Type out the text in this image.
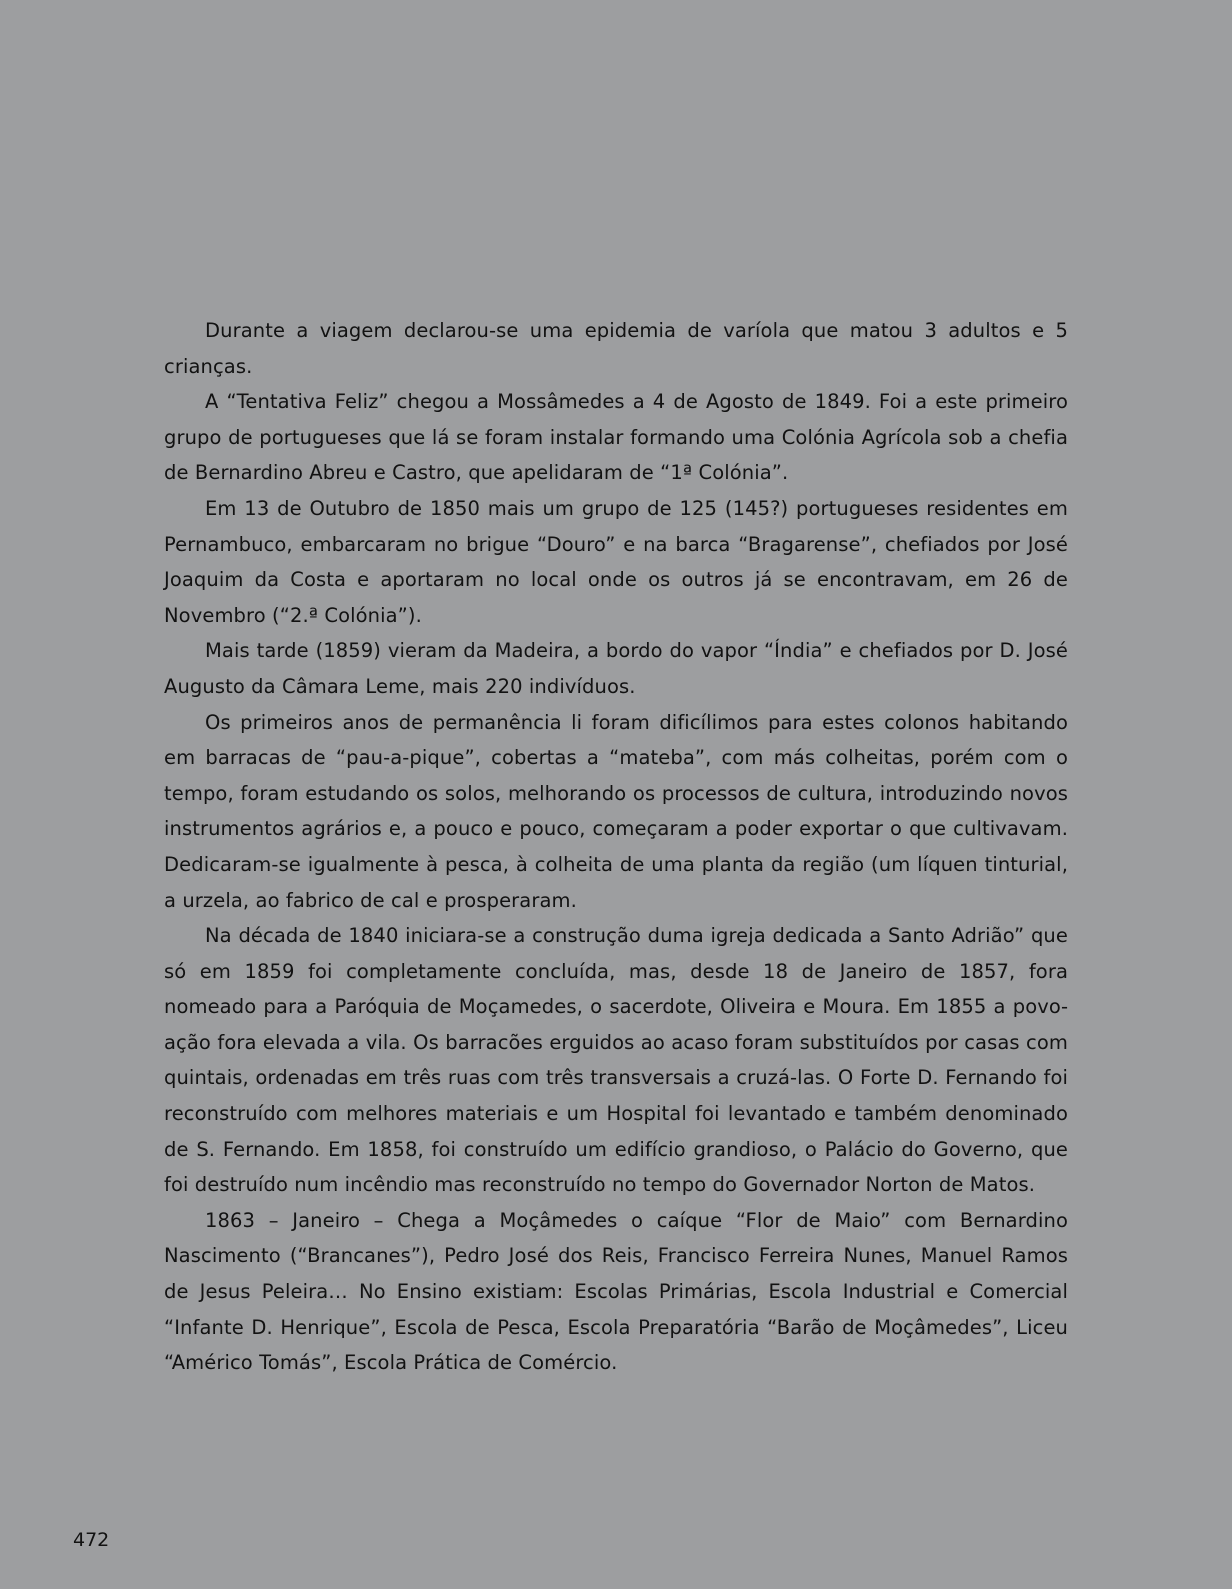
Durante a viagem declarou-se uma epidemia de varíola que matou 3 adultos e 5 crianças.

A “Tentativa Feliz” chegou a Mossâmedes a 4 de Agosto de 1849. Foi a este primeiro grupo de portugueses que lá se foram instalar formando uma Colónia Agrícola sob a chefia de Bernardino Abreu e Castro, que apelidaram de “1ª Colónia”.

Em 13 de Outubro de 1850 mais um grupo de 125 (145?) portugueses residentes em Pernambuco, embarcaram no brigue “Douro” e na barca “Bragarense”, chefiados por José Joaquim da Costa e aportaram no local onde os outros já se encontravam, em 26 de Novembro (“2.ª Colónia”).

Mais tarde (1859) vieram da Madeira, a bordo do vapor “Índia” e chefiados por D. José Augusto da Câmara Leme, mais 220 indivíduos.

Os primeiros anos de permanência li foram dificílimos para estes colonos habitando em barracas de “pau-a-pique”, cobertas a “mateba”, com más colheitas, porém com o tempo, foram estudando os solos, melhorando os processos de cultura, introduzindo novos instrumentos agrários e, a pouco e pouco, começaram a poder exportar o que cultivavam. Dedicaram-se igualmente à pesca, à colheita de uma planta da região (um líquen tinturial, a urzela, ao fabrico de cal e prosperaram.

Na década de 1840 iniciara-se a construção duma igreja dedicada a Santo Adrião” que só em 1859 foi completamente concluída, mas, desde 18 de Janeiro de 1857, fora nomeado para a Paróquia de Moçamedes, o sacerdote, Oliveira e Moura. Em 1855 a povoação fora elevada a vila. Os barracões erguidos ao acaso foram substituídos por casas com quintais, ordenadas em três ruas com três transversais a cruzá-las. O Forte D. Fernando foi reconstruído com melhores materiais e um Hospital foi levantado e também denominado de S. Fernando. Em 1858, foi construído um edifício grandioso, o Palácio do Governo, que foi destruído num incêndio mas reconstruído no tempo do Governador Norton de Matos.

1863 – Janeiro – Chega a Moçâmedes o caíque “Flor de Maio” com Bernardino Nascimento (“Brancanes”), Pedro José dos Reis, Francisco Ferreira Nunes, Manuel Ramos de Jesus Peleira… No Ensino existiam: Escolas Primárias, Escola Industrial e Comercial “Infante D. Henrique”, Escola de Pesca, Escola Preparatória “Barão de Moçâmedes”, Liceu “Américo Tomás”, Escola Prática de Comércio.

472
